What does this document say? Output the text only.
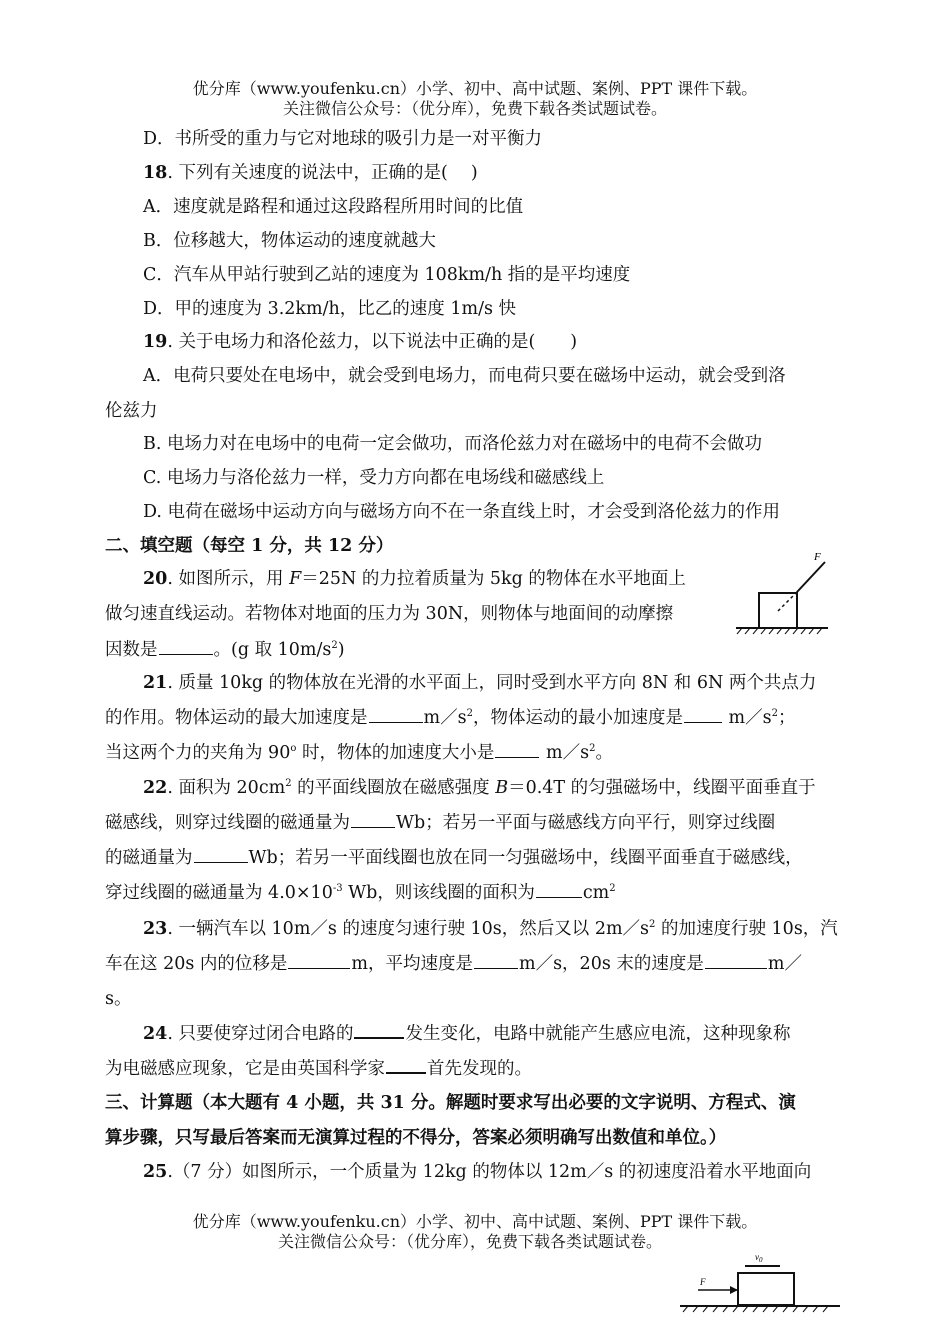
优分库（www.youfenku.cn）小学、初中、高中试题、案例、PPT 课件下载。
关注微信公众号：（优分库），免费下载各类试题试卷。
D．书所受的重力与它对地球的吸引力是一对平衡力
18. 下列有关速度的说法中，正确的是(　 )
A．速度就是路程和通过这段路程所用时间的比值
B．位移越大，物体运动的速度就越大
C．汽车从甲站行驶到乙站的速度为 108km/h 指的是平均速度
D．甲的速度为 3.2km/h，比乙的速度 1m/s 快
19. 关于电场力和洛伦兹力，以下说法中正确的是(　　)
A．电荷只要处在电场中，就会受到电场力，而电荷只要在磁场中运动，就会受到洛
伦兹力
B. 电场力对在电场中的电荷一定会做功，而洛伦兹力对在磁场中的电荷不会做功
C. 电场力与洛伦兹力一样，受力方向都在电场线和磁感线上
D. 电荷在磁场中运动方向与磁场方向不在一条直线上时，才会受到洛伦兹力的作用
二、填空题（每空 1 分，共 12 分）
20. 如图所示，用 F＝25N 的力拉着质量为 5kg 的物体在水平地面上
做匀速直线运动。若物体对地面的压力为 30N，则物体与地面间的动摩擦
因数是	。(g 取 $10m/s^2$)
F
21. 质量 10kg 的物体放在光滑的水平面上，同时受到水平方向 8N 和 6N 两个共点力
的作用。物体运动的最大加速度是	$m/s^2$，物体运动的最小加速度是 $m/s^2$；
当这两个力的夹角为 90$^o$ 时，物体的加速度大小是	$m/s^2$。
22. 面积为 $20cm^2$ 的平面线圈放在磁感强度 B＝0.4T 的匀强磁场中，线圈平面垂直于
磁感线，则穿过线圈的磁通量为	Wb；若另一平面与磁感线方向平行，则穿过线圈
的磁通量为	Wb；若另一平面线圈也放在同一匀强磁场中，线圈平面垂直于磁感线，
穿过线圈的磁通量为 $4.0\times 10^{-3}$ Wb，则该线圈的面积为	$cm^2$
23. 一辆汽车以 10m／s 的速度匀速行驶 10s，然后又以 $2m/s^2$ 的加速度行驶 10s，汽
车在这 20s 内的位移是	m，平均速度是	m／s，20s 末的速度是	m／
s。
24. 只要使穿过闭合电路的	发生变化，电路中就能产生感应电流，这种现象称
为电磁感应现象，它是由英国科学家 首先发现的。
三、计算题（本大题有 4 小题，共 31 分。解题时要求写出必要的文字说明、方程式、演
算步骤，只写最后答案而无演算过程的不得分，答案必须明确写出数值和单位。）
25.（7 分）如图所示，一个质量为 12kg 的物体以 12m／s 的初速度沿着水平地面向
优分库（www.youfenku.cn）小学、初中、高中试题、案例、PPT 课件下载。
关注微信公众号：（优分库），免费下载各类试题试卷。
$v_0$
F
